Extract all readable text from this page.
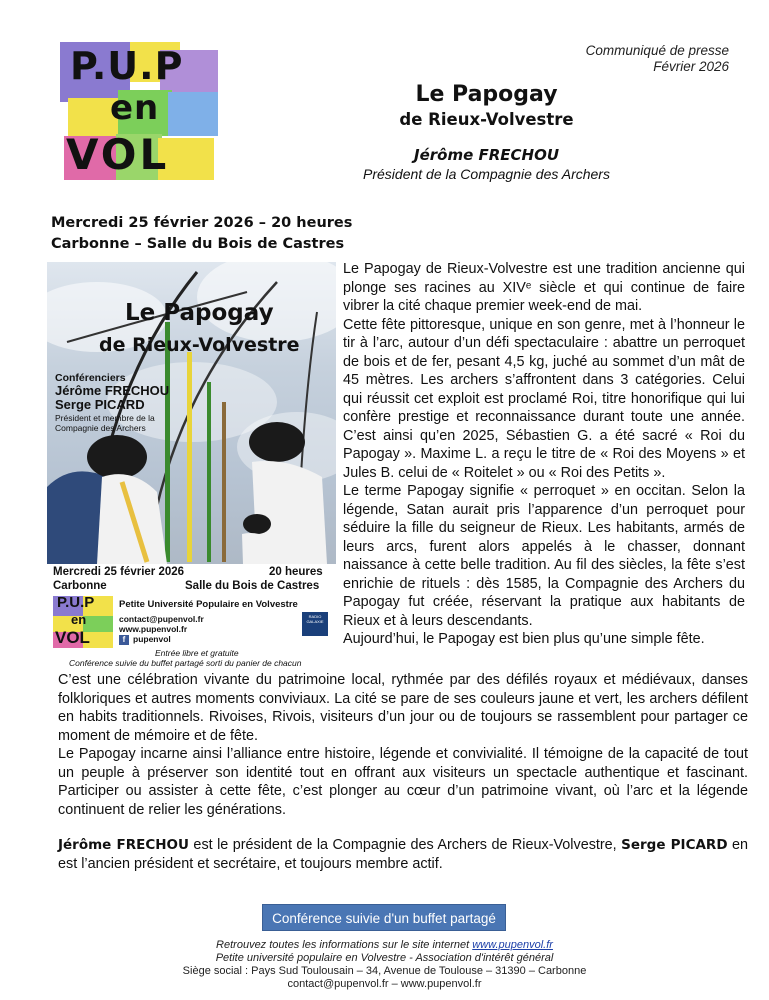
P.U.P
en
VOL
Communiqué de presse
Février 2026
Le Papogay
de Rieux-Volvestre
Jérôme FRECHOU
Président de la Compagnie des Archers
Mercredi 25 février 2026 – 20 heures
Carbonne – Salle du Bois de Castres
Le Papogay
de Rieux-Volvestre
Conférenciers
Jérôme FRECHOU
Serge PICARD
Président et membre de la
Compagnie des Archers
Mercredi 25 février 2026	20 heures
Carbonne	Salle du Bois de Castres
P.U.P
en
VOL
Petite Université Populaire en Volvestre
contact@pupenvol.fr
www.pupenvol.fr
f pupenvol
RADIO GALAXIE
Entrée libre et gratuite
Conférence suivie du buffet partagé sorti du panier de chacun

Le Papogay de Rieux-Volvestre est une tradition ancienne qui plonge ses racines au XIVᵉ siècle et qui continue de faire vibrer la cité chaque premier week-end de mai.

Cette fête pittoresque, unique en son genre, met à l’honneur le tir à l’arc, autour d’un défi spectaculaire : abattre un perroquet de bois et de fer, pesant 4,5 kg, juché au sommet d’un mât de 45 mètres. Les archers s’affrontent dans 3 catégories. Celui qui réussit cet exploit est proclamé Roi, titre honorifique qui lui confère prestige et reconnaissance durant toute une année. C’est ainsi qu’en 2025, Sébastien G. a été sacré « Roi du Papogay ». Maxime L. a reçu le titre de « Roi des Moyens » et Jules B. celui de « Roitelet » ou « Roi des Petits ».

Le terme Papogay signifie « perroquet » en occitan. Selon la légende, Satan aurait pris l’apparence d’un perroquet pour séduire la fille du seigneur de Rieux. Les habitants, armés de leurs arcs, furent alors appelés à le chasser, donnant naissance à cette belle tradition. Au fil des siècles, la fête s’est enrichie de rituels : dès 1585, la Compagnie des Archers du Papogay fut créée, réservant la pratique aux habitants de Rieux et à leurs descendants.

Aujourd’hui, le Papogay est bien plus qu’une simple fête.

C’est une célébration vivante du patrimoine local, rythmée par des défilés royaux et médiévaux, danses folkloriques et autres moments conviviaux. La cité se pare de ses couleurs jaune et vert, les archers défilent en habits traditionnels. Rivoises, Rivois, visiteurs d’un jour ou de toujours se rassemblent pour partager ce moment de mémoire et de fête.

Le Papogay incarne ainsi l’alliance entre histoire, légende et convivialité. Il témoigne de la capacité de tout un peuple à préserver son identité tout en offrant aux visiteurs un spectacle authentique et fascinant. Participer ou assister à cette fête, c’est plonger au cœur d’un patrimoine vivant, où l’arc et la légende continuent de relier les générations.

Jérôme FRECHOU est le président de la Compagnie des Archers de Rieux-Volvestre, Serge PICARD en est l’ancien président et secrétaire, et toujours membre actif.
Conférence suivie d'un buffet partagé
Retrouvez toutes les informations sur le site internet www.pupenvol.fr
Petite université populaire en Volvestre - Association d'intérêt général
Siège social : Pays Sud Toulousain – 34, Avenue de Toulouse – 31390 – Carbonne
contact@pupenvol.fr – www.pupenvol.fr
